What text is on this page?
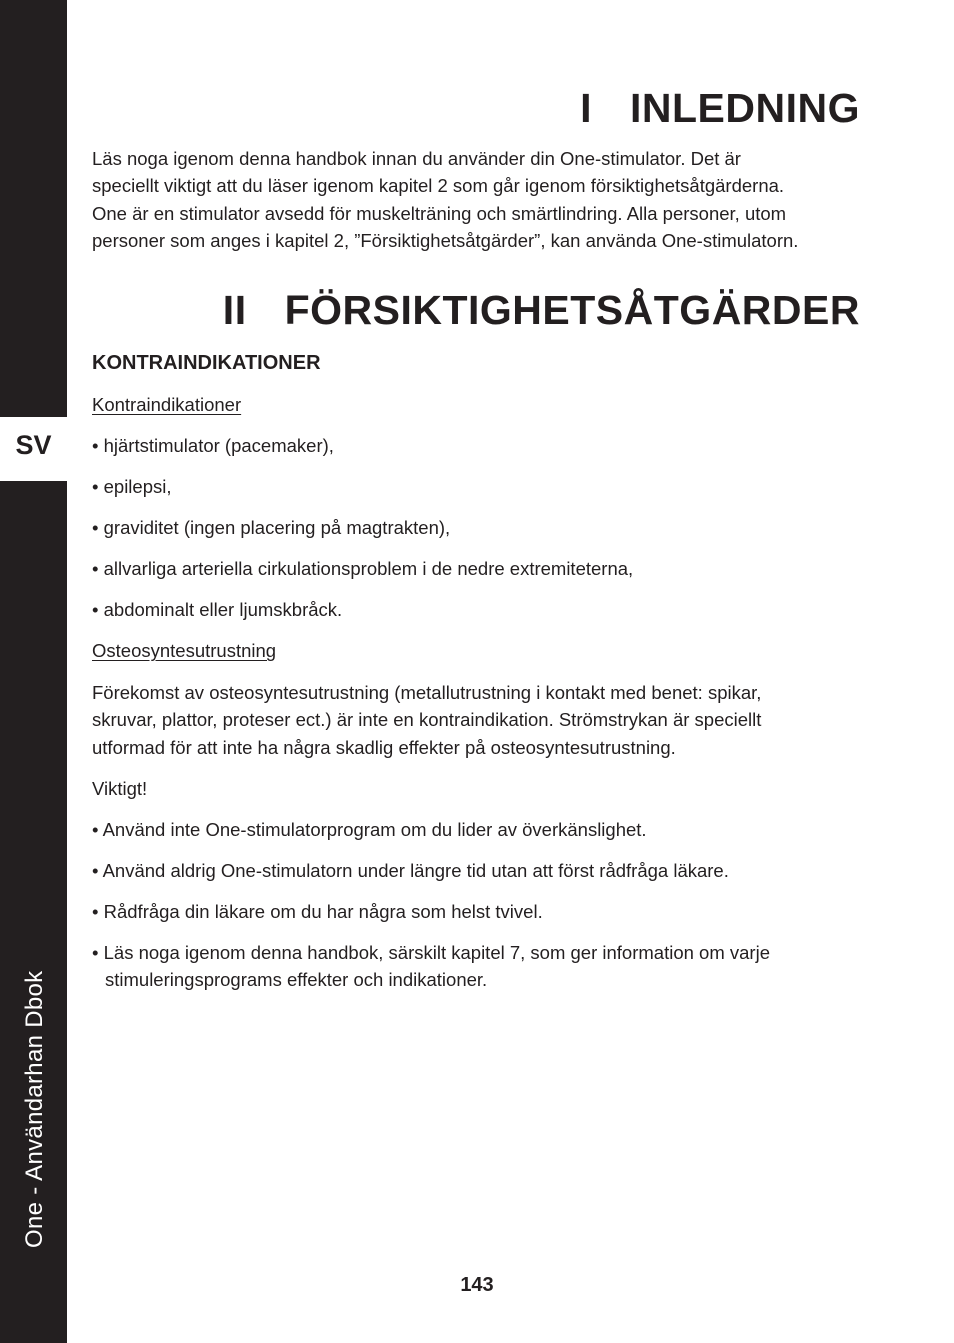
SV
One - Användarhan Dbok
I INLEDNING

Läs noga igenom denna handbok innan du använder din One-stimulator. Det är
speciellt viktigt att du läser igenom kapitel 2 som går igenom försiktighetsåtgärderna.
One är en stimulator avsedd för muskelträning och smärtlindring. Alla personer, utom
personer som anges i kapitel 2, ”Försiktighetsåtgärder”, kan använda One-stimulatorn.

II FÖRSIKTIGHETSÅTGÄRDER
KONTRAINDIKATIONER

Kontraindikationer

• hjärtstimulator (pacemaker),

• epilepsi,

• graviditet (ingen placering på magtrakten),

• allvarliga arteriella cirkulationsproblem i de nedre extremiteterna,

• abdominalt eller ljumskbråck.

Osteosyntesutrustning

Förekomst av osteosyntesutrustning (metallutrustning i kontakt med benet: spikar,
skruvar, plattor, proteser ect.) är inte en kontraindikation. Strömstrykan är speciellt
utformad för att inte ha några skadlig effekter på osteosyntesutrustning.

Viktigt!

• Använd inte One-stimulatorprogram om du lider av överkänslighet.

• Använd aldrig One-stimulatorn under längre tid utan att först rådfråga läkare.

• Rådfråga din läkare om du har några som helst tvivel.

• Läs noga igenom denna handbok, särskilt kapitel 7, som ger information om varje
stimuleringsprograms effekter och indikationer.

143
